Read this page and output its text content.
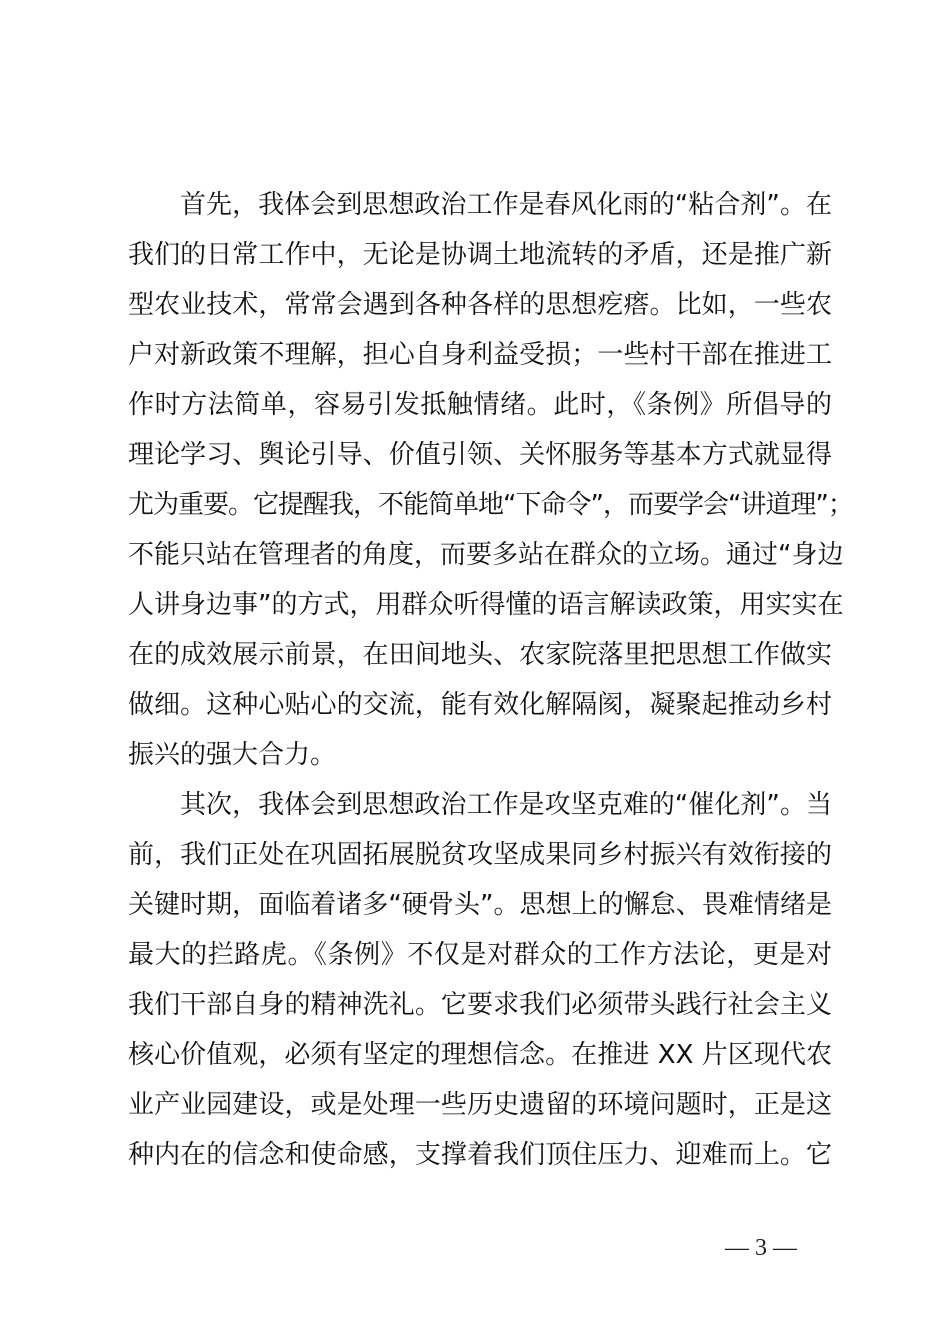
首先，我体会到思想政治工作是春风化雨的“粘合剂”。在
我们的日常工作中，无论是协调土地流转的矛盾，还是推广新
型农业技术，常常会遇到各种各样的思想疙瘩。比如，一些农
户对新政策不理解，担心自身利益受损；一些村干部在推进工
作时方法简单，容易引发抵触情绪。此时，《条例》所倡导的
理论学习、舆论引导、价值引领、关怀服务等基本方式就显得
尤为重要。它提醒我，不能简单地“下命令”，而要学会“讲道理”；
不能只站在管理者的角度，而要多站在群众的立场。通过“身边
人讲身边事”的方式，用群众听得懂的语言解读政策，用实实在
在的成效展示前景，在田间地头、农家院落里把思想工作做实
做细。这种心贴心的交流，能有效化解隔阂，凝聚起推动乡村
振兴的强大合力。
其次，我体会到思想政治工作是攻坚克难的“催化剂”。当
前，我们正处在巩固拓展脱贫攻坚成果同乡村振兴有效衔接的
关键时期，面临着诸多“硬骨头”。思想上的懈怠、畏难情绪是
最大的拦路虎。《条例》不仅是对群众的工作方法论，更是对
我们干部自身的精神洗礼。它要求我们必须带头践行社会主义
核心价值观，必须有坚定的理想信念。在推进 XX 片区现代农
业产业园建设，或是处理一些历史遗留的环境问题时，正是这
种内在的信念和使命感，支撑着我们顶住压力、迎难而上。它
— 3 —
